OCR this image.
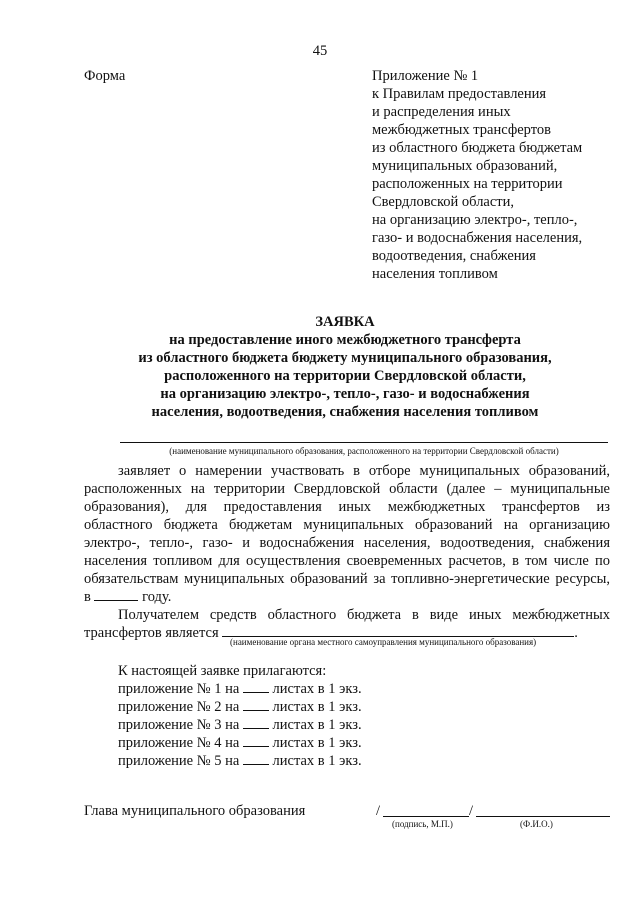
45
Форма	Приложение № 1
к Правилам предоставления
и распределения иных
межбюджетных трансфертов
из областного бюджета бюджетам
муниципальных образований,
расположенных на территории
Свердловской области,
на организацию электро-, тепло-,
газо- и водоснабжения населения,
водоотведения, снабжения
населения топливом
ЗАЯВКА
на предоставление иного межбюджетного трансферта
из областного бюджета бюджету муниципального образования,
расположенного на территории Свердловской области,
на организацию электро-, тепло-, газо- и водоснабжения
населения, водоотведения, снабжения населения топливом
(наименование муниципального образования, расположенного на территории Свердловской области)
заявляет о намерении участвовать в отборе муниципальных образований,
расположенных на территории Свердловской области (далее – муниципальные
образования), для предоставления иных межбюджетных трансфертов из
областного бюджета бюджетам муниципальных образований на организацию
электро-, тепло-, газо- и водоснабжения населения, водоотведения, снабжения
населения топливом для осуществления своевременных расчетов, в том числе по
обязательствам муниципальных образований за топливно-энергетические ресурсы,
в	году.
Получателем средств областного бюджета в виде иных межбюджетных
трансфертов является	.
(наименование органа местного самоуправления муниципального образования)
К настоящей заявке прилагаются:
приложение № 1 на листах в 1 экз.
приложение № 2 на листах в 1 экз.
приложение № 3 на листах в 1 экз.
приложение № 4 на листах в 1 экз.
приложение № 5 на листах в 1 экз.
Глава муниципального образования	/	/
(подпись, М.П.)	(Ф.И.О.)
